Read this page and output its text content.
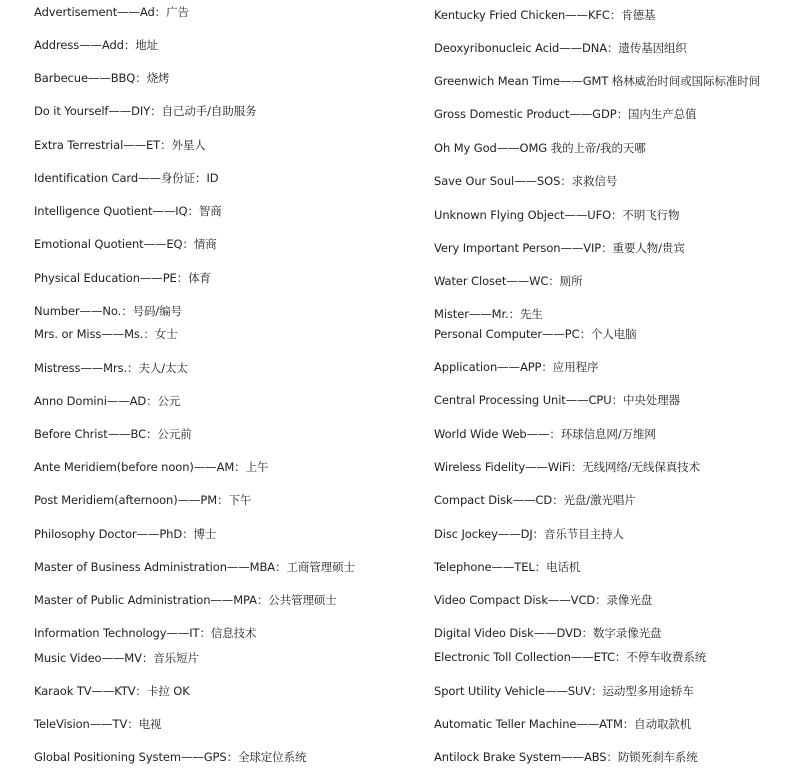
Advertisement——Ad：广告
Address——Add：地址
Barbecue——BBQ：烧烤
Do it Yourself——DIY：自己动手/自助服务
Extra Terrestrial——ET：外星人
Identification Card——身份证：ID
Intelligence Quotient——IQ：智商
Emotional Quotient——EQ：情商
Physical Education——PE：体育
Number——No.：号码/编号
Mrs. or Miss——Ms.：女士
Mistress——Mrs.：夫人/太太
Anno Domini——AD：公元
Before Christ——BC：公元前
Ante Meridiem(before noon)——AM：上午
Post Meridiem(afternoon)——PM：下午
Philosophy Doctor——PhD：博士
Master of Business Administration——MBA：工商管理硕士
Master of Public Administration——MPA：公共管理硕士
Information Technology——IT：信息技术
Music Video——MV：音乐短片
Karaok TV——KTV：卡拉 OK
TeleVision——TV：电视
Global Positioning System——GPS：全球定位系统
Kentucky Fried Chicken——KFC：肯德基
Deoxyribonucleic Acid——DNA：遗传基因组织
Greenwich Mean Time——GMT 格林威治时间或国际标准时间
Gross Domestic Product——GDP：国内生产总值
Oh My God——OMG 我的上帝/我的天哪
Save Our Soul——SOS：求救信号
Unknown Flying Object——UFO：不明飞行物
Very Important Person——VIP：重要人物/贵宾
Water Closet——WC：厕所
Mister——Mr.：先生
Personal Computer——PC：个人电脑
Application——APP：应用程序
Central Processing Unit——CPU：中央处理器
World Wide Web——：环球信息网/万维网
Wireless Fidelity——WiFi：无线网络/无线保真技术
Compact Disk——CD：光盘/激光唱片
Disc Jockey——DJ：音乐节目主持人
Telephone——TEL：电话机
Video Compact Disk——VCD：录像光盘
Digital Video Disk——DVD：数字录像光盘
Electronic Toll Collection——ETC：不停车收费系统
Sport Utility Vehicle——SUV：运动型多用途轿车
Automatic Teller Machine——ATM：自动取款机
Antilock Brake System——ABS：防锁死刹车系统
